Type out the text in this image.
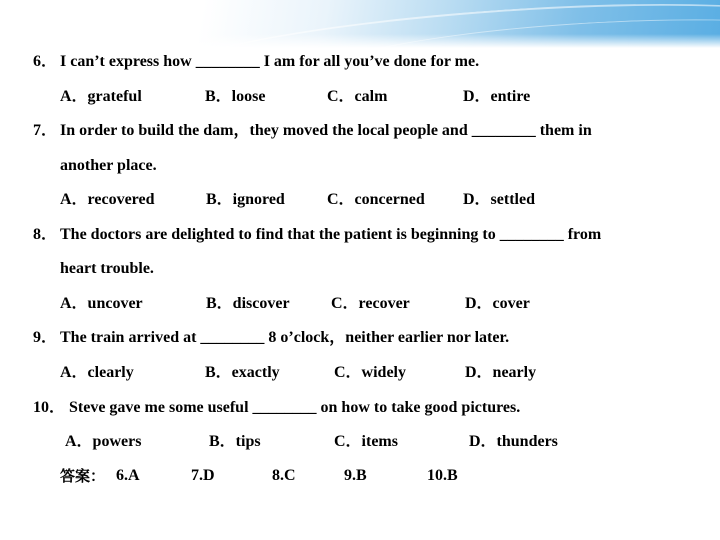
6． I can’t express how ________ I am for all you’ve done for me.
A．grateful	B．loose	C．calm	D．entire
7． In order to build the dam，they moved the local people and ________ them in
another place.
A．recovered	B．ignored	C．concerned D．settled
8． The doctors are delighted to find that the patient is beginning to ________ from
heart trouble.
A．uncover	B．discover	C．recover	D．cover
9． The train arrived at ________ 8 o’clock，neither earlier nor later.
A．clearly	B．exactly	C．widely	D．nearly
10． Steve gave me some useful ________ on how to take good pictures.
A．powers	B．tips	C．items	D．thunders
答案： 6.A	7.D	8.C	9.B	10.B
